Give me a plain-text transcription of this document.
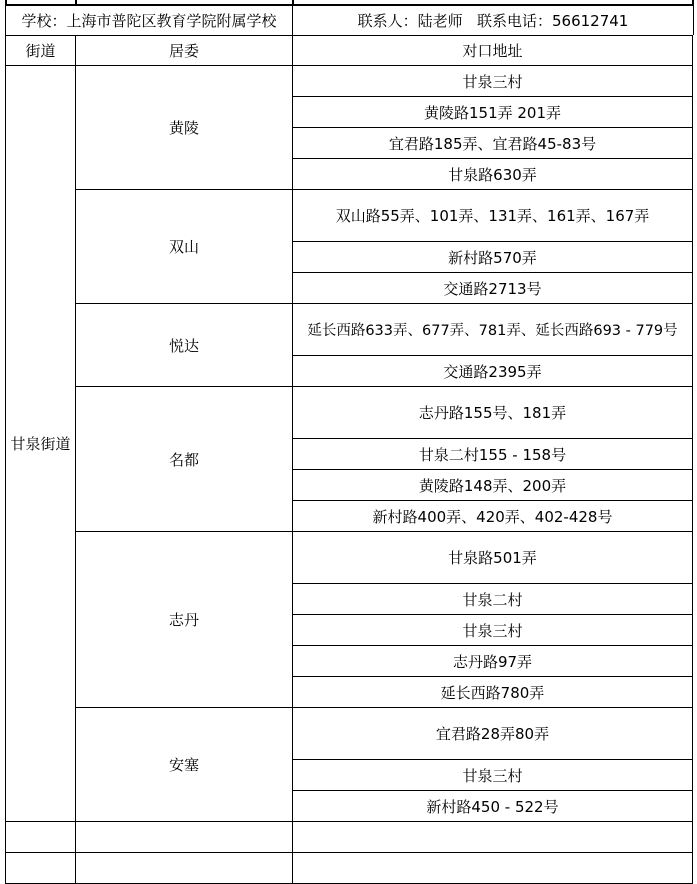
学校：上海市普陀区教育学院附属学校	联系人：陆老师   联系电话：56612741
街道	居委	对口地址
甘泉街道	黄陵	甘泉三村
		黄陵路151弄 201弄
		宜君路185弄、宜君路45-83号
		甘泉路630弄
	双山	双山路55弄、101弄、131弄、161弄、167弄
		新村路570弄
		交通路2713号
	悦达	延长西路633弄、677弄、781弄、延长西路693 - 779号
		交通路2395弄
	名都	志丹路155号、181弄
		甘泉二村155 - 158号
		黄陵路148弄、200弄
		新村路400弄、420弄、402-428号
	志丹	甘泉路501弄
		甘泉二村
		甘泉三村
		志丹路97弄
		延长西路780弄
	安塞	宜君路28弄80弄
		甘泉三村
		新村路450 - 522号
